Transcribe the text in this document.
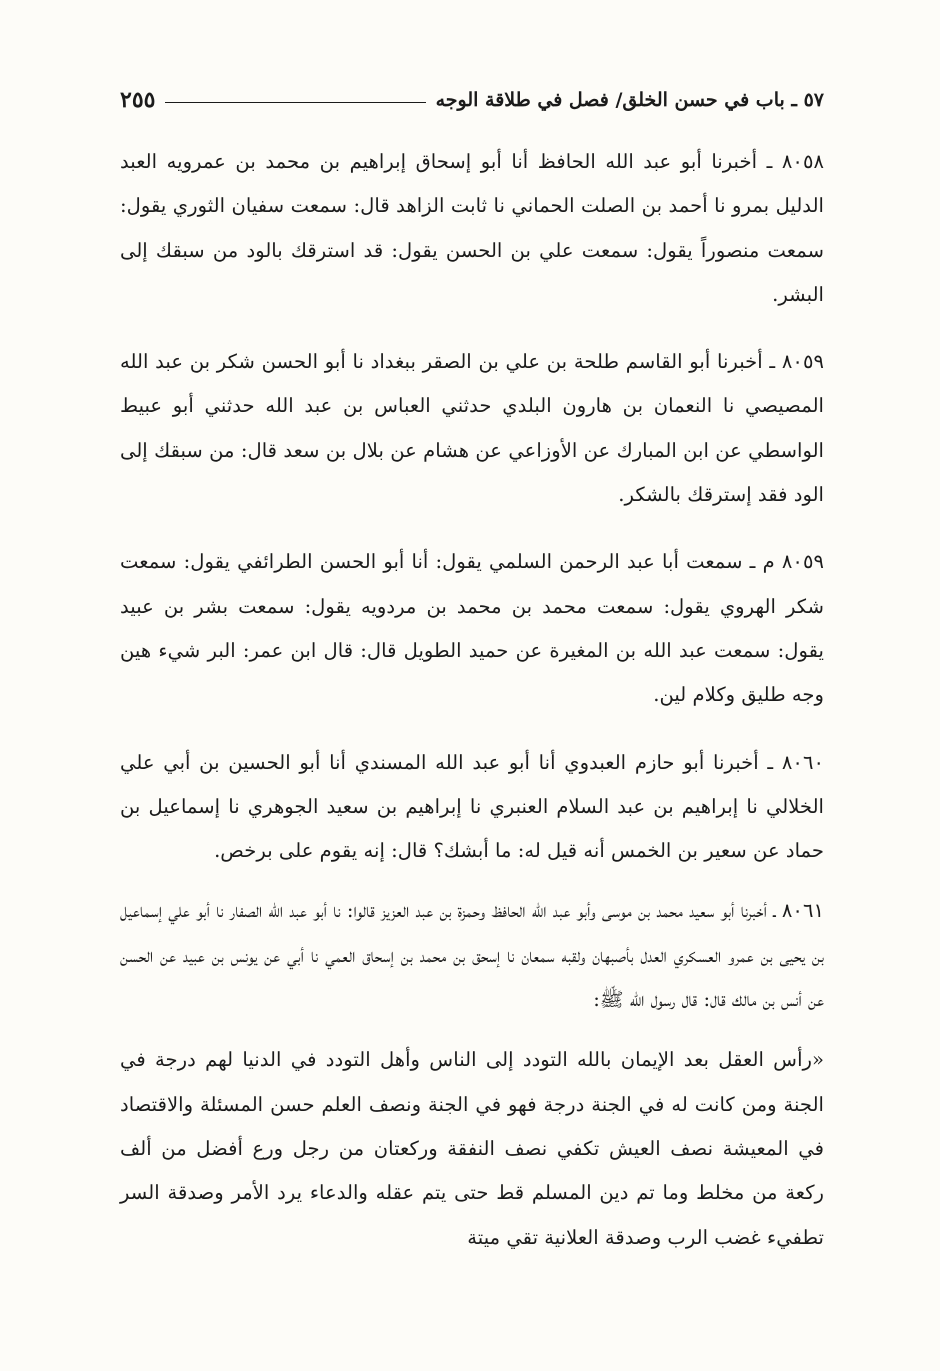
٥٧ ـ باب في حسن الخلق/ فصل في طلاقة الوجه
٢٥٥

٨٠٥٨ ـ أخبرنا أبو عبد الله الحافظ أنا أبو إسحاق إبراهيم بن محمد بن عمرويه العبد الدليل بمرو نا أحمد بن الصلت الحماني نا ثابت الزاهد قال: سمعت سفيان الثوري يقول: سمعت منصوراً يقول: سمعت علي بن الحسن يقول: قد استرقك بالود من سبقك إلى البشر.

٨٠٥٩ ـ أخبرنا أبو القاسم طلحة بن علي بن الصقر ببغداد نا أبو الحسن شكر بن عبد الله المصيصي نا النعمان بن هارون البلدي حدثني العباس بن عبد الله حدثني أبو عبيط الواسطي عن ابن المبارك عن الأوزاعي عن هشام عن بلال بن سعد قال: من سبقك إلى الود فقد إسترقك بالشكر.

٨٠٥٩ م ـ سمعت أبا عبد الرحمن السلمي يقول: أنا أبو الحسن الطرائفي يقول: سمعت شكر الهروي يقول: سمعت محمد بن محمد بن مردويه يقول: سمعت بشر بن عبيد يقول: سمعت عبد الله بن المغيرة عن حميد الطويل قال: قال ابن عمر: البر شيء هين وجه طليق وكلام لين.

٨٠٦٠ ـ أخبرنا أبو حازم العبدوي أنا أبو عبد الله المسندي أنا أبو الحسين بن أبي علي الخلالي نا إبراهيم بن عبد السلام العنبري نا إبراهيم بن سعيد الجوهري نا إسماعيل بن حماد عن سعير بن الخمس أنه قيل له: ما أبشك؟ قال: إنه يقوم على برخص.

٨٠٦١ ـ أخبرنا أبو سعيد محمد بن موسى وأبو عبد الله الحافظ وحمزة بن عبد العزيز قالوا: نا أبو عبد الله الصفار نا أبو علي إسماعيل بن يحيى بن عمرو العسكري العدل بأصبهان ولقبه سمعان نا إسحق بن محمد بن إسحاق العمي نا أبي عن يونس بن عبيد عن الحسن عن أنس بن مالك قال: قال رسول الله ﷺ:

«رأس العقل بعد الإيمان بالله التودد إلى الناس وأهل التودد في الدنيا لهم درجة في الجنة ومن كانت له في الجنة درجة فهو في الجنة ونصف العلم حسن المسئلة والاقتصاد في المعيشة نصف العيش تكفي نصف النفقة وركعتان من رجل ورع أفضل من ألف ركعة من مخلط وما تم دين المسلم قط حتى يتم عقله والدعاء يرد الأمر وصدقة السر تطفيء غضب الرب وصدقة العلانية تقي ميتة
